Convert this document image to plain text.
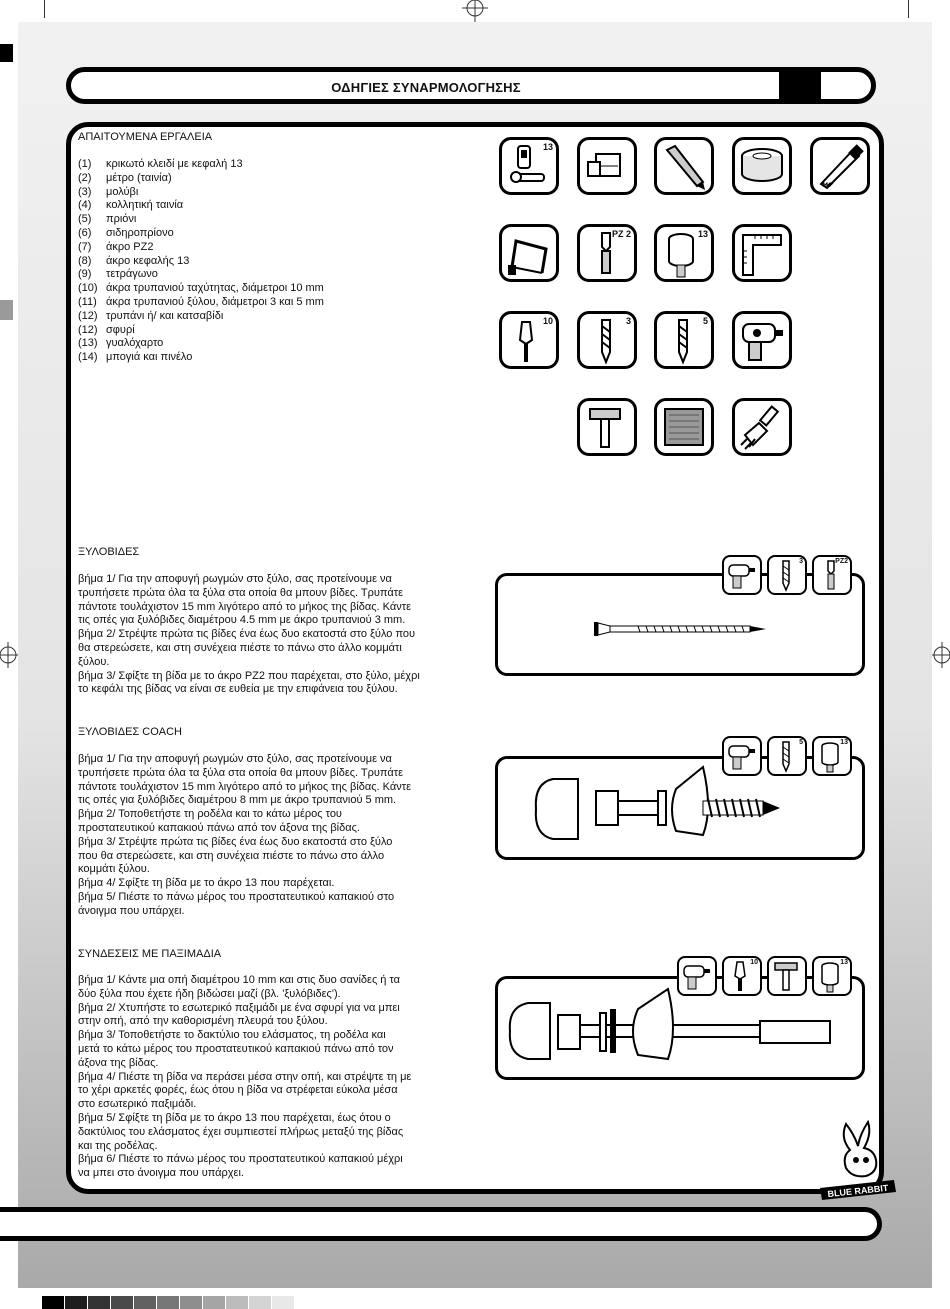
ΟΔΗΓΙΕΣ ΣΥΝΑΡΜΟΛΟΓΗΣΗΣ
ΑΠΑΙΤΟΥΜΕΝΑ ΕΡΓΑΛΕΙΑ
(1) κρικωτό κλειδί με κεφαλή 13
(2) μέτρο (ταινία)
(3) μολύβι
(4) κολλητική ταινία
(5) πριόνι
(6) σιδηροπρίονο
(7) άκρο PZ2
(8) άκρο κεφαλής 13
(9) τετράγωνο
(10) άκρα τρυπανιού ταχύτητας, διάμετροι 10 mm
(11) άκρα τρυπανιού ξύλου, διάμετροι 3 και 5 mm
(12) τρυπάνι ή/ και κατσαβίδι
(12) σφυρί
(13) γυαλόχαρτο
(14) μπογιά και πινέλο
13
PZ 2	13
10	3	5
ΞΥΛΟΒΙΔΕΣ
βήμα 1/ Για την αποφυγή ρωγμών στο ξύλο, σας προτείνουμε να
τρυπήσετε πρώτα όλα τα ξύλα στα οποία θα μπουν βίδες. Τρυπάτε
πάντοτε τουλάχιστον 15 mm λιγότερο από το μήκος της βίδας. Κάντε
τις οπές για ξυλόβιδες διαμέτρου 4.5 mm με άκρο τρυπανιού 3 mm.
βήμα 2/ Στρέψτε πρώτα τις βίδες ένα έως δυο εκατοστά στο ξύλο που
θα στερεώσετε, και στη συνέχεια πιέστε το πάνω στο άλλο κομμάτι
ξύλου.
βήμα 3/ Σφίξτε τη βίδα με το άκρο PZ2 που παρέχεται, στο ξύλο, μέχρι
το κεφάλι της βίδας να είναι σε ευθεία με την επιφάνεια του ξύλου.
3	PZ2
ΞΥΛΟΒΙΔΕΣ COACH
βήμα 1/ Για την αποφυγή ρωγμών στο ξύλο, σας προτείνουμε να
τρυπήσετε πρώτα όλα τα ξύλα στα οποία θα μπουν βίδες. Τρυπάτε
πάντοτε τουλάχιστον 15 mm λιγότερο από το μήκος της βίδας. Κάντε
τις οπές για ξυλόβιδες διαμέτρου 8 mm με άκρο τρυπανιού 5 mm.
βήμα 2/ Τοποθετήστε τη ροδέλα και το κάτω μέρος του
προστατευτικού καπακιού πάνω από τον άξονα της βίδας.
βήμα 3/ Στρέψτε πρώτα τις βίδες ένα έως δυο εκατοστά στο ξύλο
που θα στερεώσετε, και στη συνέχεια πιέστε το πάνω στο άλλο
κομμάτι ξύλου.
βήμα 4/ Σφίξτε τη βίδα με το άκρο 13 που παρέχεται.
βήμα 5/ Πιέστε το πάνω μέρος του προστατευτικού καπακιού στο
άνοιγμα που υπάρχει.
5	13
ΣΥΝΔΕΣΕΙΣ ΜΕ ΠΑΞΙΜΑΔΙΑ
βήμα 1/ Κάντε μια οπή διαμέτρου 10 mm και στις δυο σανίδες ή τα
δύο ξύλα που έχετε ήδη βιδώσει μαζί (βλ. 'ξυλόβιδες').
βήμα 2/ Χτυπήστε το εσωτερικό παξιμάδι με ένα σφυρί για να μπει
στην οπή, από την καθορισμένη πλευρά του ξύλου.
βήμα 3/ Τοποθετήστε το δακτύλιο του ελάσματος, τη ροδέλα και
μετά το κάτω μέρος του προστατευτικού καπακιού πάνω από τον
άξονα της βίδας.
βήμα 4/ Πιέστε τη βίδα να περάσει μέσα στην οπή, και στρέψτε τη με
το χέρι αρκετές φορές, έως ότου η βίδα να στρέφεται εύκολα μέσα
στο εσωτερικό παξιμάδι.
βήμα 5/ Σφίξτε τη βίδα με το άκρο 13 που παρέχεται, έως ότου ο
δακτύλιος του ελάσματος έχει συμπιεστεί πλήρως μεταξύ της βίδας
και της ροδέλας.
βήμα 6/ Πιέστε το πάνω μέρος του προστατευτικού καπακιού μέχρι
να μπει στο άνοιγμα που υπάρχει.
10	13
BLUE RABBIT
